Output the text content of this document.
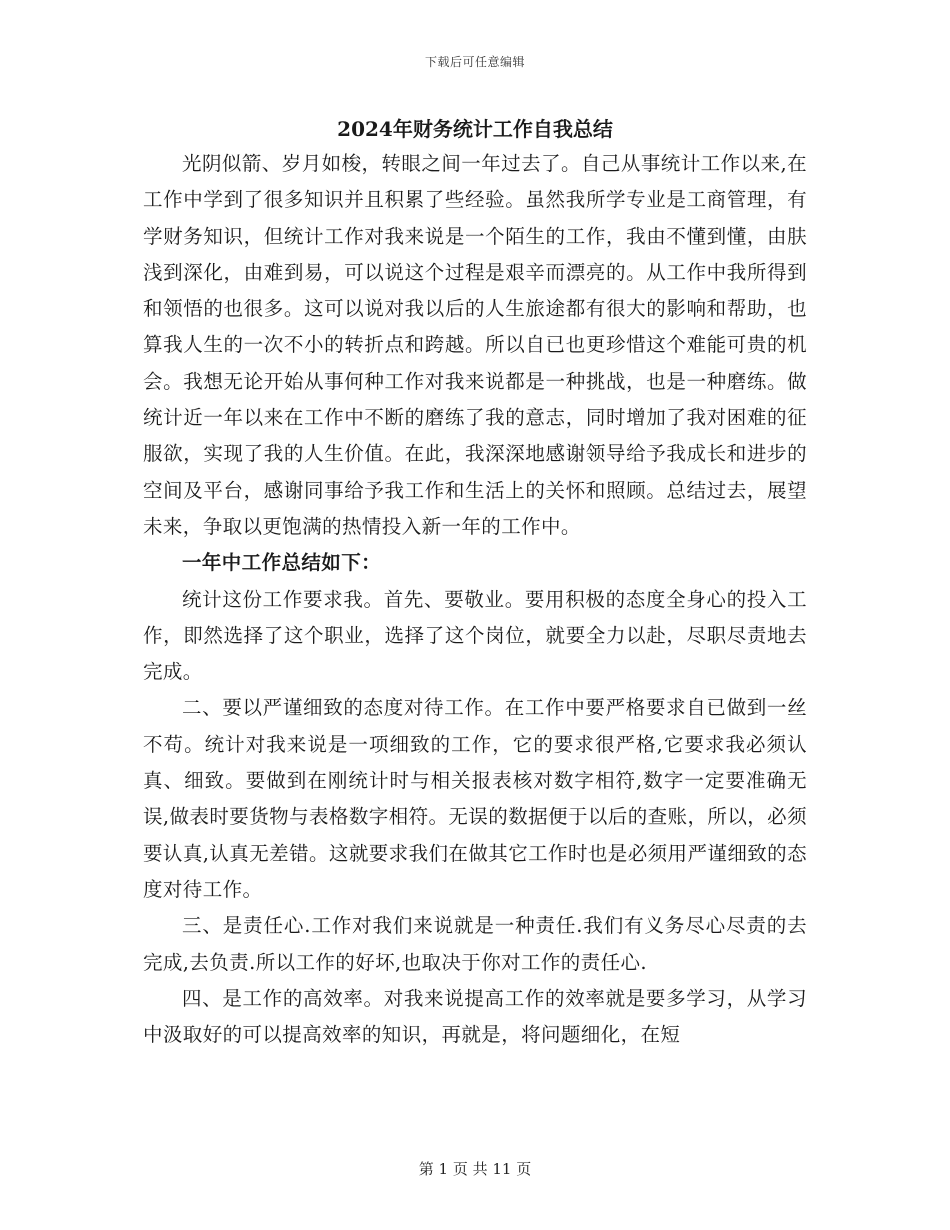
下载后可任意编辑
2024年财务统计工作自我总结

光阴似箭、岁月如梭，转眼之间一年过去了。自己从事统计工作以来,在工作中学到了很多知识并且积累了些经验。虽然我所学专业是工商管理，有学财务知识，但统计工作对我来说是一个陌生的工作，我由不懂到懂，由肤浅到深化，由难到易，可以说这个过程是艰辛而漂亮的。从工作中我所得到和领悟的也很多。这可以说对我以后的人生旅途都有很大的影响和帮助，也算我人生的一次不小的转折点和跨越。所以自已也更珍惜这个难能可贵的机会。我想无论开始从事何种工作对我来说都是一种挑战，也是一种磨练。做统计近一年以来在工作中不断的磨练了我的意志，同时增加了我对困难的征服欲，实现了我的人生价值。在此，我深深地感谢领导给予我成长和进步的空间及平台，感谢同事给予我工作和生活上的关怀和照顾。总结过去，展望未来，争取以更饱满的热情投入新一年的工作中。

一年中工作总结如下：

统计这份工作要求我。首先、要敬业。要用积极的态度全身心的投入工作，即然选择了这个职业，选择了这个岗位，就要全力以赴，尽职尽责地去完成。

二、要以严谨细致的态度对待工作。在工作中要严格要求自已做到一丝不苟。统计对我来说是一项细致的工作，它的要求很严格,它要求我必须认真、细致。要做到在刚统计时与相关报表核对数字相符,数字一定要准确无误,做表时要货物与表格数字相符。无误的数据便于以后的查账，所以，必须要认真,认真无差错。这就要求我们在做其它工作时也是必须用严谨细致的态度对待工作。

三、是责任心.工作对我们来说就是一种责任.我们有义务尽心尽责的去完成,去负责.所以工作的好坏,也取决于你对工作的责任心.

四、是工作的高效率。对我来说提高工作的效率就是要多学习，从学习中汲取好的可以提高效率的知识，再就是，将问题细化，在短

第 1 页 共 11 页
